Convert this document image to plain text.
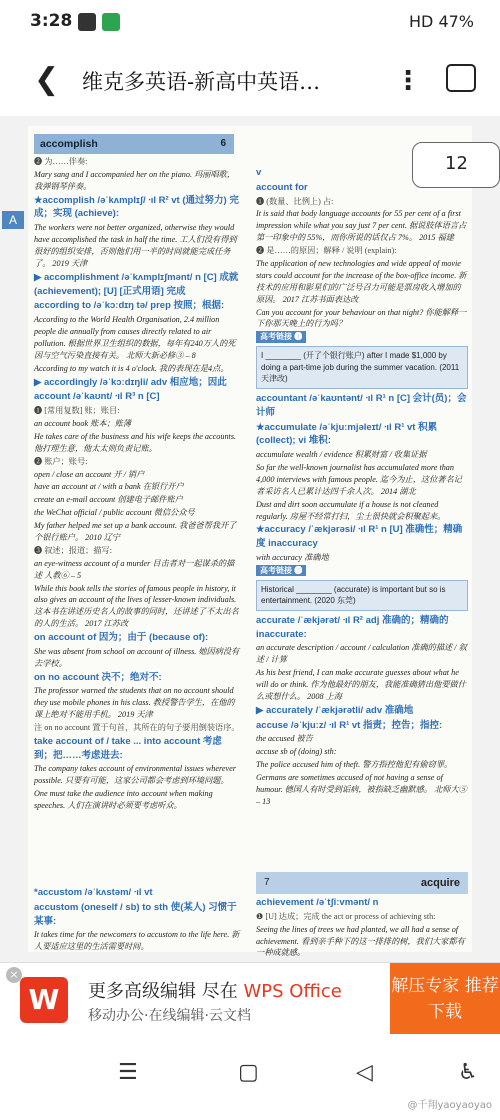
3:28	HD 47%
❮ 维克多英语-新高中英语…	⋮
accomplish	6

❷ 为……伴奏:

Mary sang and I accompanied her on the piano. 玛丽唱歌，我弹钢琴伴奏。

★accomplish /əˈkʌmplɪʃ/ ᐧıl R² vt (通过努力) 完成；实现 (achieve):

The workers were not better organized, otherwise they would have accomplished the task in half the time. 工人们没有得到很好的组织安排，否则他们用一半的时间就能完成任务了。 2019 天津

▶ accomplishment /əˈkʌmplɪʃmənt/ n [C] 成就(achievement); [U] [正式用语] 完成

according to /əˈkɔːdɪŋ tə/ prep 按照；根据:

According to the World Health Organisation, 2.4 million people die annually from causes directly related to air pollution. 根据世界卫生组织的数据，每年有240万人的死因与空气污染直接有关。 北师大新必修③ – 8

According to my watch it is 4 o'clock. 我的表现在是4点。

▶ accordingly /əˈkɔːdɪŋli/ adv 相应地；因此

account /əˈkaʊnt/ ᐧıl R³ n [C]

❶ [常用复数] 账；账目:

an account book 账本；账簿

He takes care of the business and his wife keeps the accounts. 他打理生意，他太太则负责记账。

❷ 账户；账号:

open / close an account 开 / 销户

have an account at / with a bank 在银行开户

create an e-mail account 创建电子邮件账户

the WeChat official / public account 微信公众号

My father helped me set up a bank account. 我爸爸帮我开了个银行账户。 2010 辽宁

❸ 叙述；报道；描写:

an eye-witness account of a murder 目击者对一起谋杀的描述 人教⑥ – 5

While this book tells the stories of famous people in history, it also gives an account of the lives of lesser-known individuals. 这本书在讲述历史名人的故事的同时，还讲述了不太出名的人的生活。 2017 江苏改

on account of 因为；由于 (because of):

She was absent from school on account of illness. 她因病没有去学校。

on no account 决不；绝对不:

The professor warned the students that on no account should they use mobile phones in his class. 教授警告学生，在他的课上绝对不能用手机。 2019 天津

注 on no account 置于句首，其所在的句子要用倒装语序。

take account of / take ... into account 考虑到；把……考虑进去:

The company takes account of environmental issues wherever possible. 只要有可能，这家公司都会考虑到环境问题。

One must take the audience into account when making speeches. 人们在演讲时必须要考虑听众。

v

account for

❶ (数量、比例上) 占:

It is said that body language accounts for 55 per cent of a first impression while what you say just 7 per cent. 据说肢体语言占第一印象中的 55%，而你所说的话仅占 7%。 2015 福建

❷ 是……的原因；解释 / 说明 (explain):

The application of new technologies and wide appeal of movie stars could account for the increase of the box-office income. 新技术的应用和影星们的广泛号召力可能是票房收入增加的原因。 2017 江苏书面表达改

Can you account for your behaviour on that night? 你能解释一下你那天晚上的行为吗？

高考链接 ❶

I ________ (开了个银行账户) after I made $1,000 by doing a part-time job during the summer vacation. (2011 天津改)

accountant /əˈkaʊntənt/ ᐧıl R¹ n [C] 会计(员)；会计师

★accumulate /əˈkjuːmjəleɪt/ ᐧıl R¹ vt 积累 (collect); vi 堆积:

accumulate wealth / evidence 积累财富 / 收集证据

So far the well-known journalist has accumulated more than 4,000 interviews with famous people. 迄今为止，这位著名记者采访名人已累计达四千余人次。 2014 湖北

Dust and dirt soon accumulate if a house is not cleaned regularly. 房屋不经常打扫，尘土很快就会积聚起来。

★accuracy /ˈækjərəsi/ ᐧıl R¹ n [U] 准确性；精确度 inaccuracy

with accuracy 准确地

高考链接 ❷

Historical ________ (accurate) is important but so is entertainment. (2020 东莞)

accurate /ˈækjərət/ ᐧıl R² adj 准确的；精确的 inaccurate:

an accurate description / account / calculation 准确的描述 / 叙述 / 计算

As his best friend, I can make accurate guesses about what he will do or think. 作为他最好的朋友，我能准确猜出他要做什么或想什么。 2008 上海

▶ accurately /ˈækjərətli/ adv 准确地

accuse /əˈkjuːz/ ᐧıl R¹ vt 指责；控告；指控:

the accused 被告

accuse sb of (doing) sth:

The police accused him of theft. 警方指控他犯有偷窃罪。

Germans are sometimes accused of not having a sense of humour. 德国人有时受到诟病，被指缺乏幽默感。 北师大⑤ – 13

*accustom /əˈkʌstəm/ ᐧıl vt

accustom (oneself / sb) to sth 使(某人) 习惯于某事:

It takes time for the newcomers to accustom to the life here. 新人要适应这里的生活需要时间。

7	acquire

achievement /əˈtʃiːvmənt/ n

❶ [U] 达成；完成 the act or process of achieving sth:

Seeing the lines of trees we had planted, we all had a sense of achievement. 看到亲手种下的这一排排的树，我们大家都有一种成就感。

A
12
×
W	更多高级编辑 尽在 WPS Office
移动办公·在线编辑·云文档
解压专家 推荐下载
☰	▢	◁	♿
@千翔yaoyaoyao
